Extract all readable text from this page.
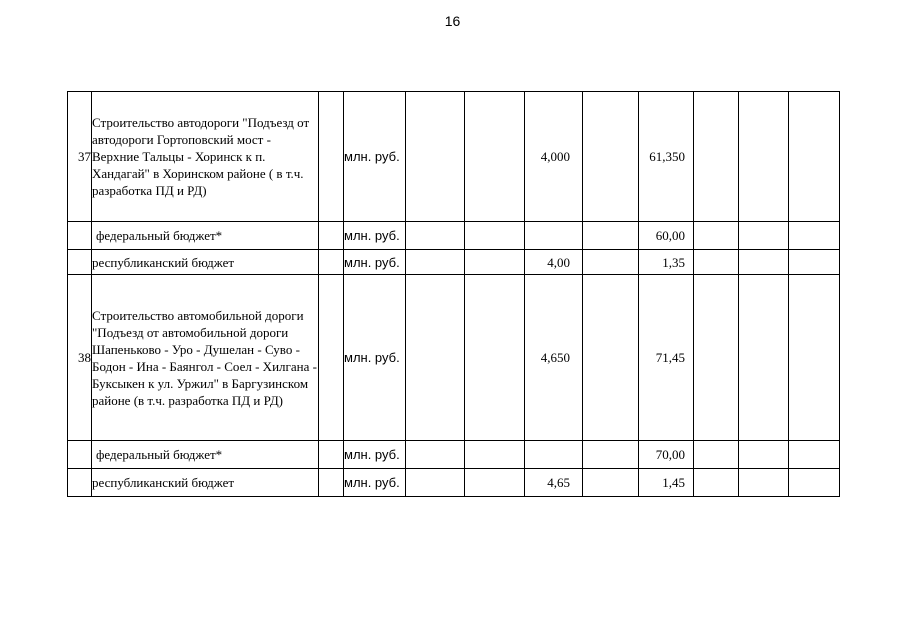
16
37	Строительство автодороги "Подъезд от автодороги Гортоповский мост - Верхние Тальцы - Хоринск к п. Хандагай" в Хоринском районе ( в т.ч. разработка ПД и РД)		млн. руб.			4,000		61,350			
	федеральный бюджет*		млн. руб.					60,00			
	республиканский бюджет		млн. руб.			4,00		1,35			
38	Строительство автомобильной дороги "Подъезд от автомобильной дороги Шапеньково - Уро - Душелан - Суво - Бодон - Ина - Баянгол - Соел - Хилгана - Буксыкен к ул. Уржил" в Баргузинском районе (в т.ч. разработка ПД и РД)		млн. руб.			4,650		71,45			
	федеральный бюджет*		млн. руб.					70,00			
	республиканский бюджет		млн. руб.			4,65		1,45			
